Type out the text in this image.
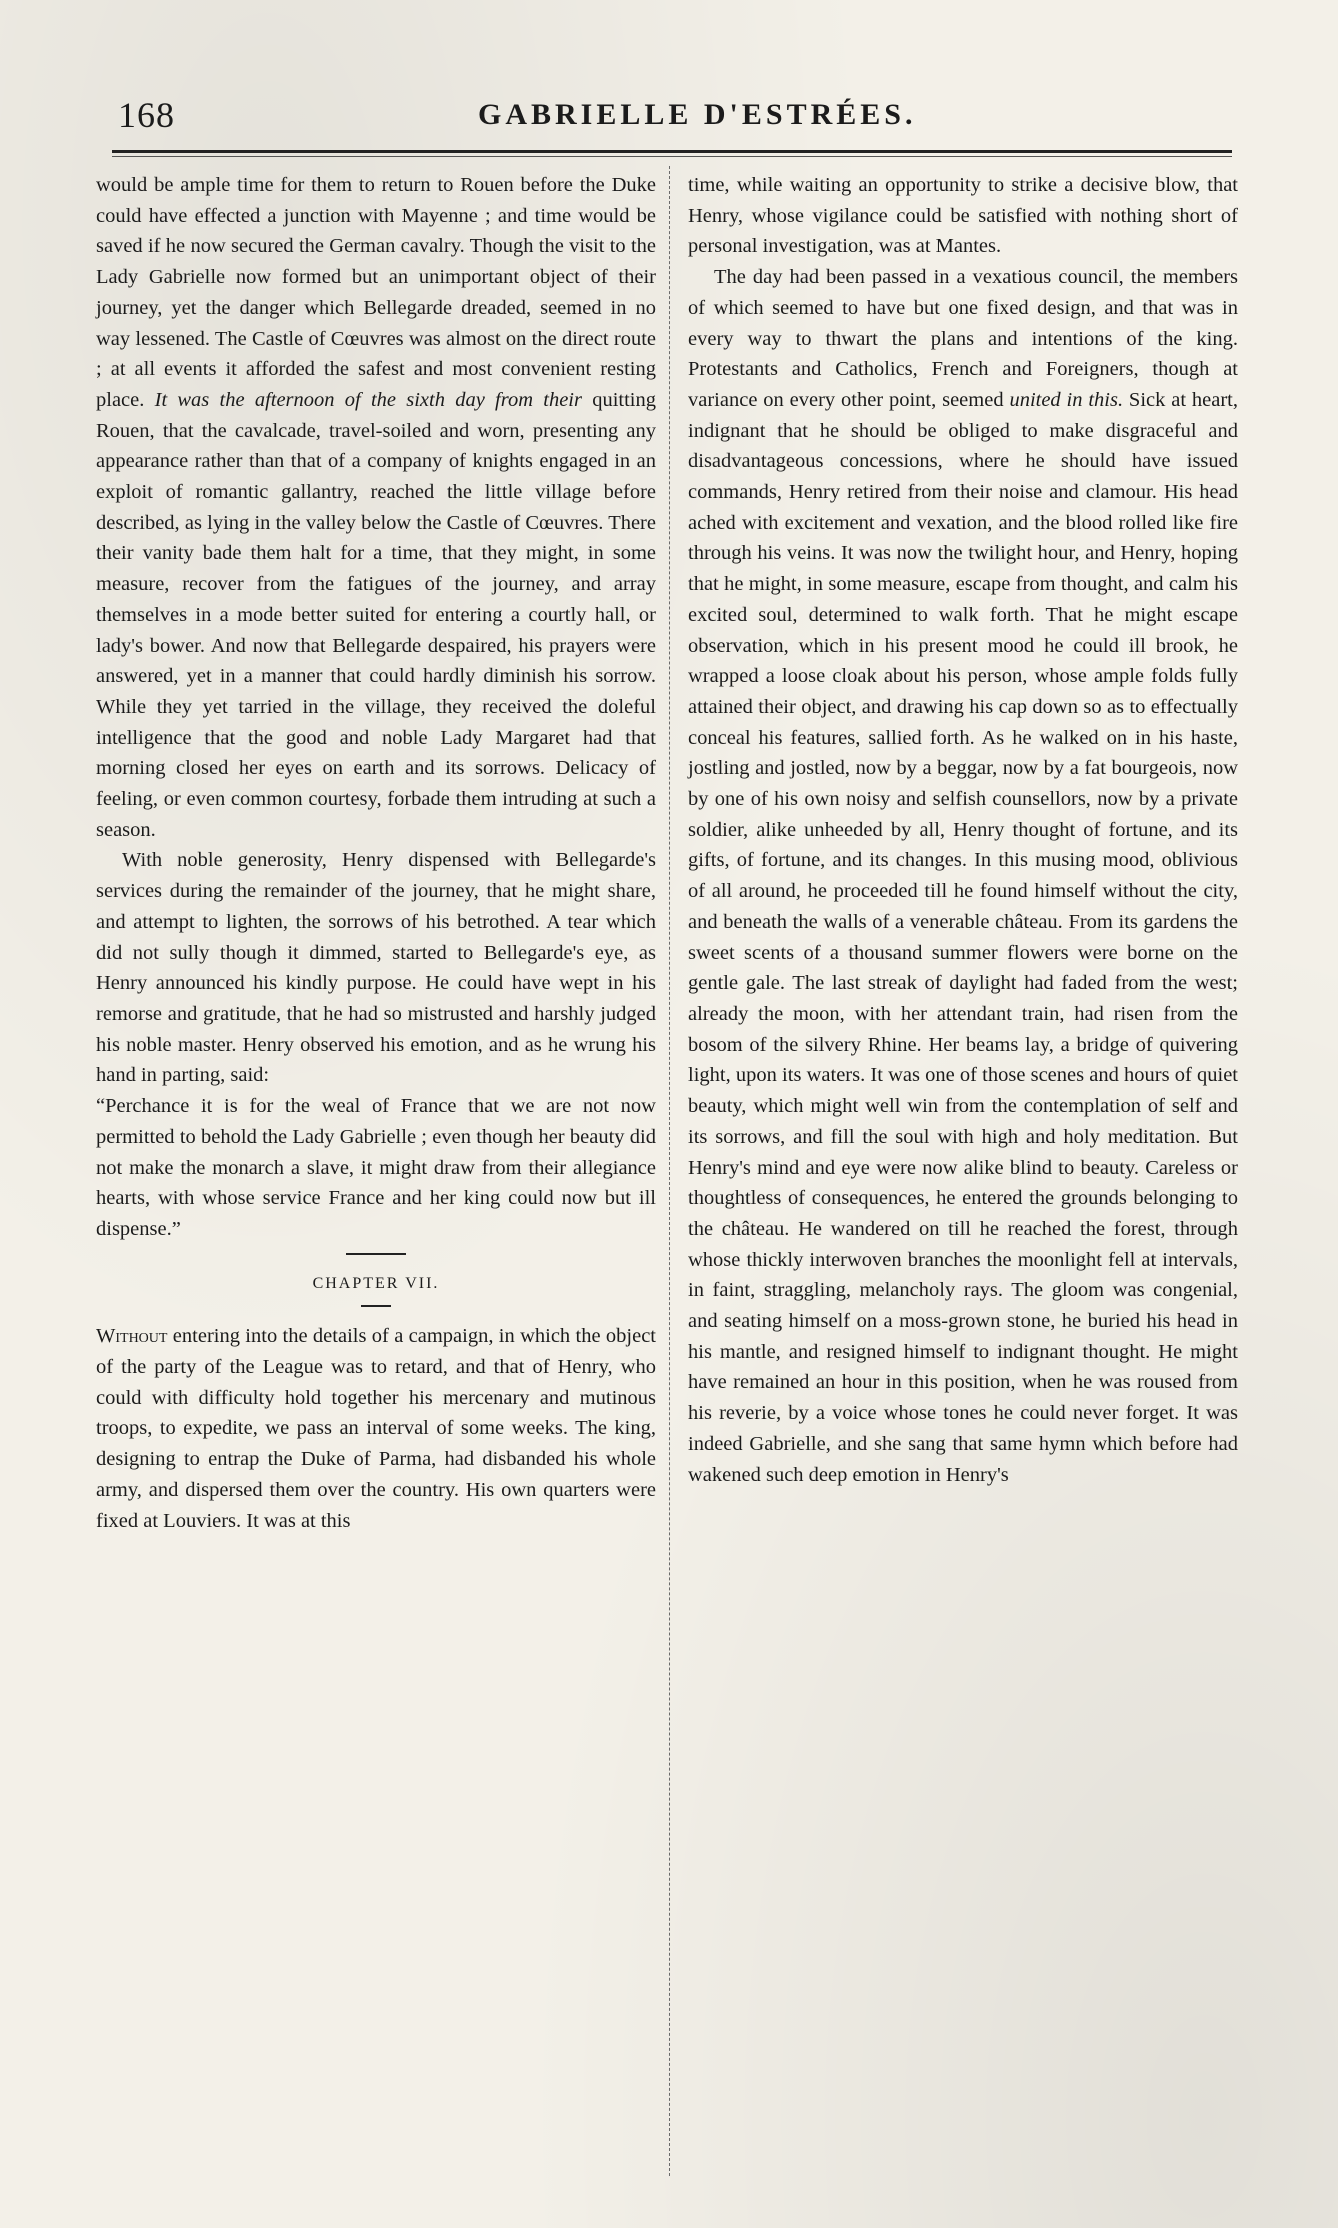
168	GABRIELLE D'ESTRÉES.

would be ample time for them to return to Rouen before the Duke could have effected a junction with Mayenne ; and time would be saved if he now secured the German cavalry. Though the visit to the Lady Gabrielle now formed but an unimportant object of their journey, yet the danger which Bellegarde dreaded, seemed in no way lessened. The Castle of Cœuvres was almost on the direct route ; at all events it afforded the safest and most convenient resting place. It was the afternoon of the sixth day from their quitting Rouen, that the cavalcade, travel-soiled and worn, presenting any appearance rather than that of a company of knights engaged in an exploit of romantic gallantry, reached the little village before described, as lying in the valley below the Castle of Cœuvres. There their vanity bade them halt for a time, that they might, in some measure, recover from the fatigues of the journey, and array themselves in a mode better suited for entering a courtly hall, or lady's bower. And now that Bellegarde despaired, his prayers were answered, yet in a manner that could hardly diminish his sorrow. While they yet tarried in the village, they received the doleful intelligence that the good and noble Lady Margaret had that morning closed her eyes on earth and its sorrows. Delicacy of feeling, or even common courtesy, forbade them intruding at such a season.

With noble generosity, Henry dispensed with Bellegarde's services during the remainder of the journey, that he might share, and attempt to lighten, the sorrows of his betrothed. A tear which did not sully though it dimmed, started to Bellegarde's eye, as Henry announced his kindly purpose. He could have wept in his remorse and gratitude, that he had so mistrusted and harshly judged his noble master. Henry observed his emotion, and as he wrung his hand in parting, said:

“Perchance it is for the weal of France that we are not now permitted to behold the Lady Gabrielle ; even though her beauty did not make the monarch a slave, it might draw from their allegiance hearts, with whose service France and her king could now but ill dispense.”

CHAPTER VII.

Without entering into the details of a campaign, in which the object of the party of the League was to retard, and that of Henry, who could with difficulty hold together his mercenary and mutinous troops, to expedite, we pass an interval of some weeks. The king, designing to entrap the Duke of Parma, had disbanded his whole army, and dispersed them over the country. His own quarters were fixed at Louviers. It was at this

time, while waiting an opportunity to strike a decisive blow, that Henry, whose vigilance could be satisfied with nothing short of personal investigation, was at Mantes.

The day had been passed in a vexatious council, the members of which seemed to have but one fixed design, and that was in every way to thwart the plans and intentions of the king. Protestants and Catholics, French and Foreigners, though at variance on every other point, seemed united in this. Sick at heart, indignant that he should be obliged to make disgraceful and disadvantageous concessions, where he should have issued commands, Henry retired from their noise and clamour. His head ached with excitement and vexation, and the blood rolled like fire through his veins. It was now the twilight hour, and Henry, hoping that he might, in some measure, escape from thought, and calm his excited soul, determined to walk forth. That he might escape observation, which in his present mood he could ill brook, he wrapped a loose cloak about his person, whose ample folds fully attained their object, and drawing his cap down so as to effectually conceal his features, sallied forth. As he walked on in his haste, jostling and jostled, now by a beggar, now by a fat bourgeois, now by one of his own noisy and selfish counsellors, now by a private soldier, alike unheeded by all, Henry thought of fortune, and its gifts, of fortune, and its changes. In this musing mood, oblivious of all around, he proceeded till he found himself without the city, and beneath the walls of a venerable château. From its gardens the sweet scents of a thousand summer flowers were borne on the gentle gale. The last streak of daylight had faded from the west; already the moon, with her attendant train, had risen from the bosom of the silvery Rhine. Her beams lay, a bridge of quivering light, upon its waters. It was one of those scenes and hours of quiet beauty, which might well win from the contemplation of self and its sorrows, and fill the soul with high and holy meditation. But Henry's mind and eye were now alike blind to beauty. Careless or thoughtless of consequences, he entered the grounds belonging to the château. He wandered on till he reached the forest, through whose thickly interwoven branches the moonlight fell at intervals, in faint, straggling, melancholy rays. The gloom was congenial, and seating himself on a moss-grown stone, he buried his head in his mantle, and resigned himself to indignant thought. He might have remained an hour in this position, when he was roused from his reverie, by a voice whose tones he could never forget. It was indeed Gabrielle, and she sang that same hymn which before had wakened such deep emotion in Henry's
